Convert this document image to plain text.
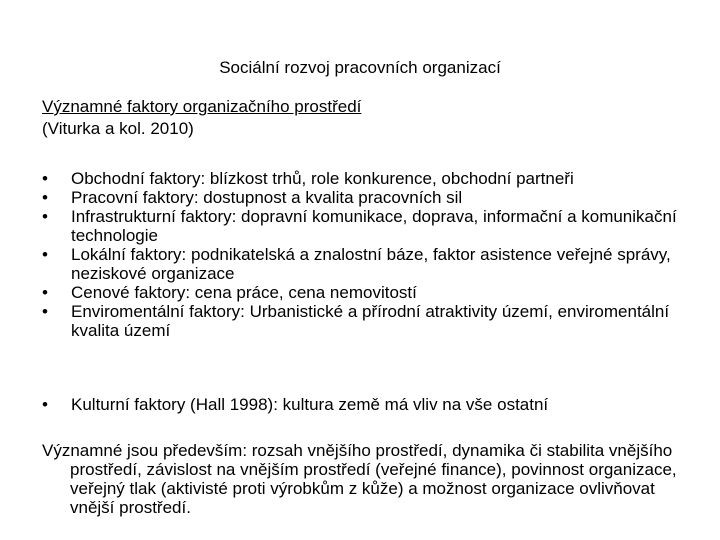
Sociální rozvoj pracovních organizací
Významné faktory organizačního prostředí
(Viturka a kol. 2010)
•	Obchodní faktory: blízkost trhů, role konkurence, obchodní partneři
•	Pracovní faktory: dostupnost a kvalita pracovních sil
•	Infrastrukturní faktory: dopravní komunikace, doprava, informační a komunikační technologie
•	Lokální faktory: podnikatelská a znalostní báze, faktor asistence veřejné správy, neziskové organizace
•	Cenové faktory: cena práce, cena nemovitostí
•	Enviromentální faktory: Urbanistické a přírodní atraktivity území, enviromentální kvalita území
• Kulturní faktory (Hall 1998): kultura země má vliv na vše ostatní
Významné jsou především: rozsah vnějšího prostředí, dynamika či stabilita vnějšího prostředí, závislost na vnějším prostředí (veřejné finance), povinnost organizace, veřejný tlak (aktivisté proti výrobkům z kůže) a možnost organizace ovlivňovat vnější prostředí.
